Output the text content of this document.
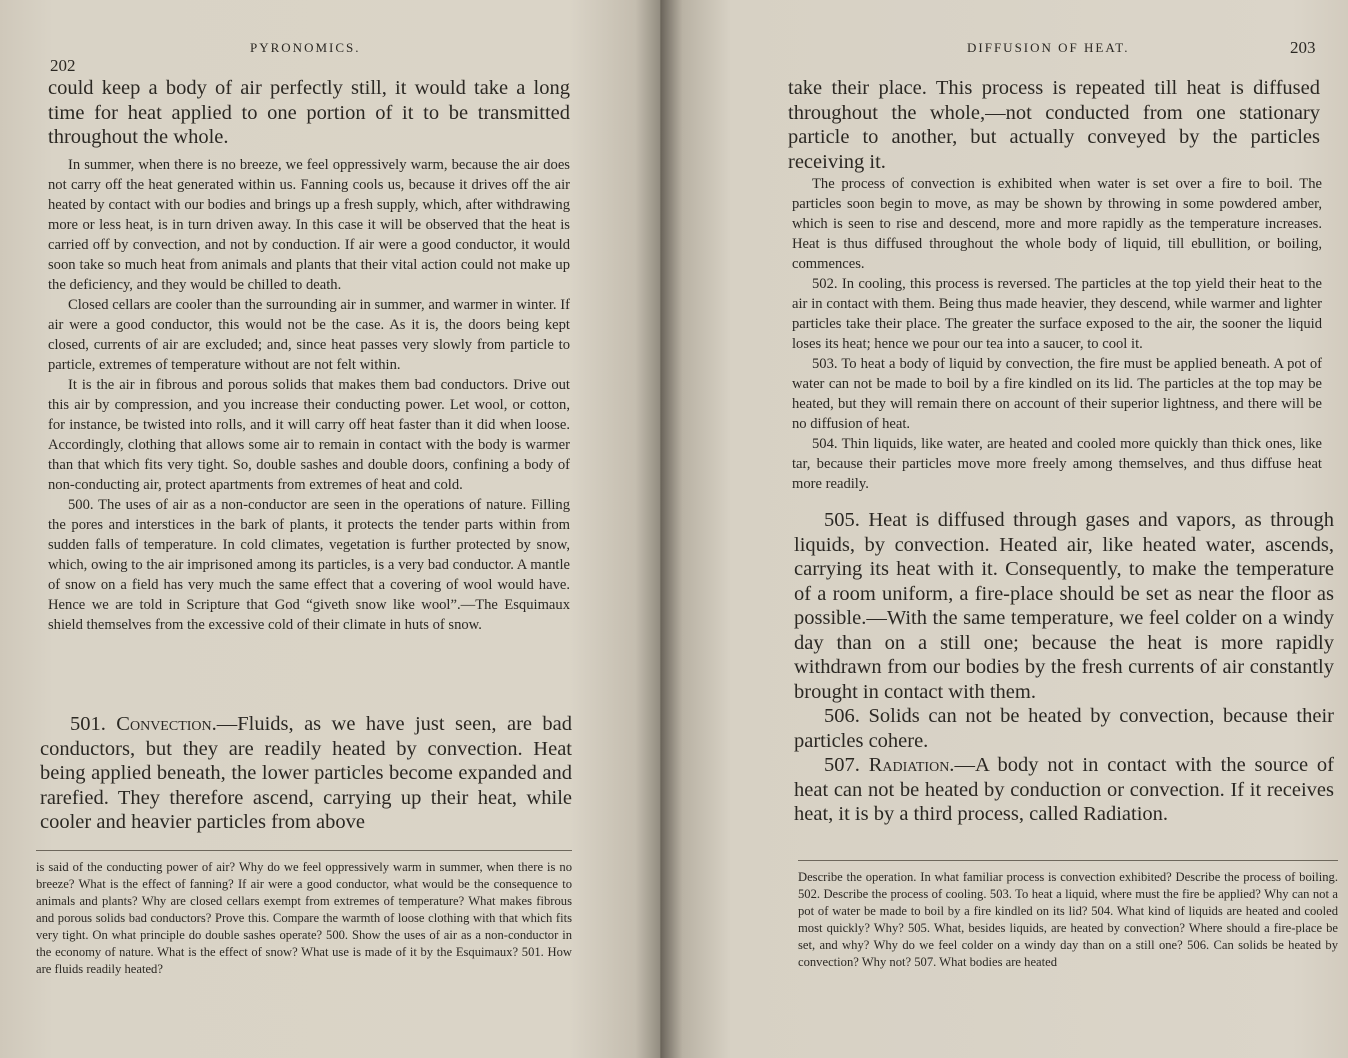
202
PYRONOMICS.

could keep a body of air perfectly still, it would take a long time for heat applied to one portion of it to be transmitted throughout the whole.

In summer, when there is no breeze, we feel oppressively warm, because the air does not carry off the heat generated within us. Fanning cools us, because it drives off the air heated by contact with our bodies and brings up a fresh supply, which, after withdrawing more or less heat, is in turn driven away. In this case it will be observed that the heat is carried off by convection, and not by conduction. If air were a good conductor, it would soon take so much heat from animals and plants that their vital action could not make up the deficiency, and they would be chilled to death.

Closed cellars are cooler than the surrounding air in summer, and warmer in winter. If air were a good conductor, this would not be the case. As it is, the doors being kept closed, currents of air are excluded; and, since heat passes very slowly from particle to particle, extremes of temperature without are not felt within.

It is the air in fibrous and porous solids that makes them bad conductors. Drive out this air by compression, and you increase their conducting power. Let wool, or cotton, for instance, be twisted into rolls, and it will carry off heat faster than it did when loose. Accordingly, clothing that allows some air to remain in contact with the body is warmer than that which fits very tight. So, double sashes and double doors, confining a body of non-conducting air, protect apartments from extremes of heat and cold.

500. The uses of air as a non-conductor are seen in the operations of nature. Filling the pores and interstices in the bark of plants, it protects the tender parts within from sudden falls of temperature. In cold climates, vegetation is further protected by snow, which, owing to the air imprisoned among its particles, is a very bad conductor. A mantle of snow on a field has very much the same effect that a covering of wool would have. Hence we are told in Scripture that God “giveth snow like wool”.—The Esquimaux shield themselves from the excessive cold of their climate in huts of snow.

501. Convection.—Fluids, as we have just seen, are bad conductors, but they are readily heated by convection. Heat being applied beneath, the lower particles become expanded and rarefied. They therefore ascend, carrying up their heat, while cooler and heavier particles from above

is said of the conducting power of air? Why do we feel oppressively warm in summer, when there is no breeze? What is the effect of fanning? If air were a good conductor, what would be the consequence to animals and plants? Why are closed cellars exempt from extremes of temperature? What makes fibrous and porous solids bad conductors? Prove this. Compare the warmth of loose clothing with that which fits very tight. On what principle do double sashes operate? 500. Show the uses of air as a non-conductor in the economy of nature. What is the effect of snow? What use is made of it by the Esquimaux? 501. How are fluids readily heated?
DIFFUSION OF HEAT.	203

take their place. This process is repeated till heat is diffused throughout the whole,—not conducted from one stationary particle to another, but actually conveyed by the particles receiving it.

The process of convection is exhibited when water is set over a fire to boil. The particles soon begin to move, as may be shown by throwing in some powdered amber, which is seen to rise and descend, more and more rapidly as the temperature increases. Heat is thus diffused throughout the whole body of liquid, till ebullition, or boiling, commences.

502. In cooling, this process is reversed. The particles at the top yield their heat to the air in contact with them. Being thus made heavier, they descend, while warmer and lighter particles take their place. The greater the surface exposed to the air, the sooner the liquid loses its heat; hence we pour our tea into a saucer, to cool it.

503. To heat a body of liquid by convection, the fire must be applied beneath. A pot of water can not be made to boil by a fire kindled on its lid. The particles at the top may be heated, but they will remain there on account of their superior lightness, and there will be no diffusion of heat.

504. Thin liquids, like water, are heated and cooled more quickly than thick ones, like tar, because their particles move more freely among themselves, and thus diffuse heat more readily.

505. Heat is diffused through gases and vapors, as through liquids, by convection. Heated air, like heated water, ascends, carrying its heat with it. Consequently, to make the temperature of a room uniform, a fire-place should be set as near the floor as possible.—With the same temperature, we feel colder on a windy day than on a still one; because the heat is more rapidly withdrawn from our bodies by the fresh currents of air constantly brought in contact with them.

506. Solids can not be heated by convection, because their particles cohere.

507. Radiation.—A body not in contact with the source of heat can not be heated by conduction or convection. If it receives heat, it is by a third process, called Radiation.

Describe the operation. In what familiar process is convection exhibited? Describe the process of boiling. 502. Describe the process of cooling. 503. To heat a liquid, where must the fire be applied? Why can not a pot of water be made to boil by a fire kindled on its lid? 504. What kind of liquids are heated and cooled most quickly? Why? 505. What, besides liquids, are heated by convection? Where should a fire-place be set, and why? Why do we feel colder on a windy day than on a still one? 506. Can solids be heated by convection? Why not? 507. What bodies are heated
